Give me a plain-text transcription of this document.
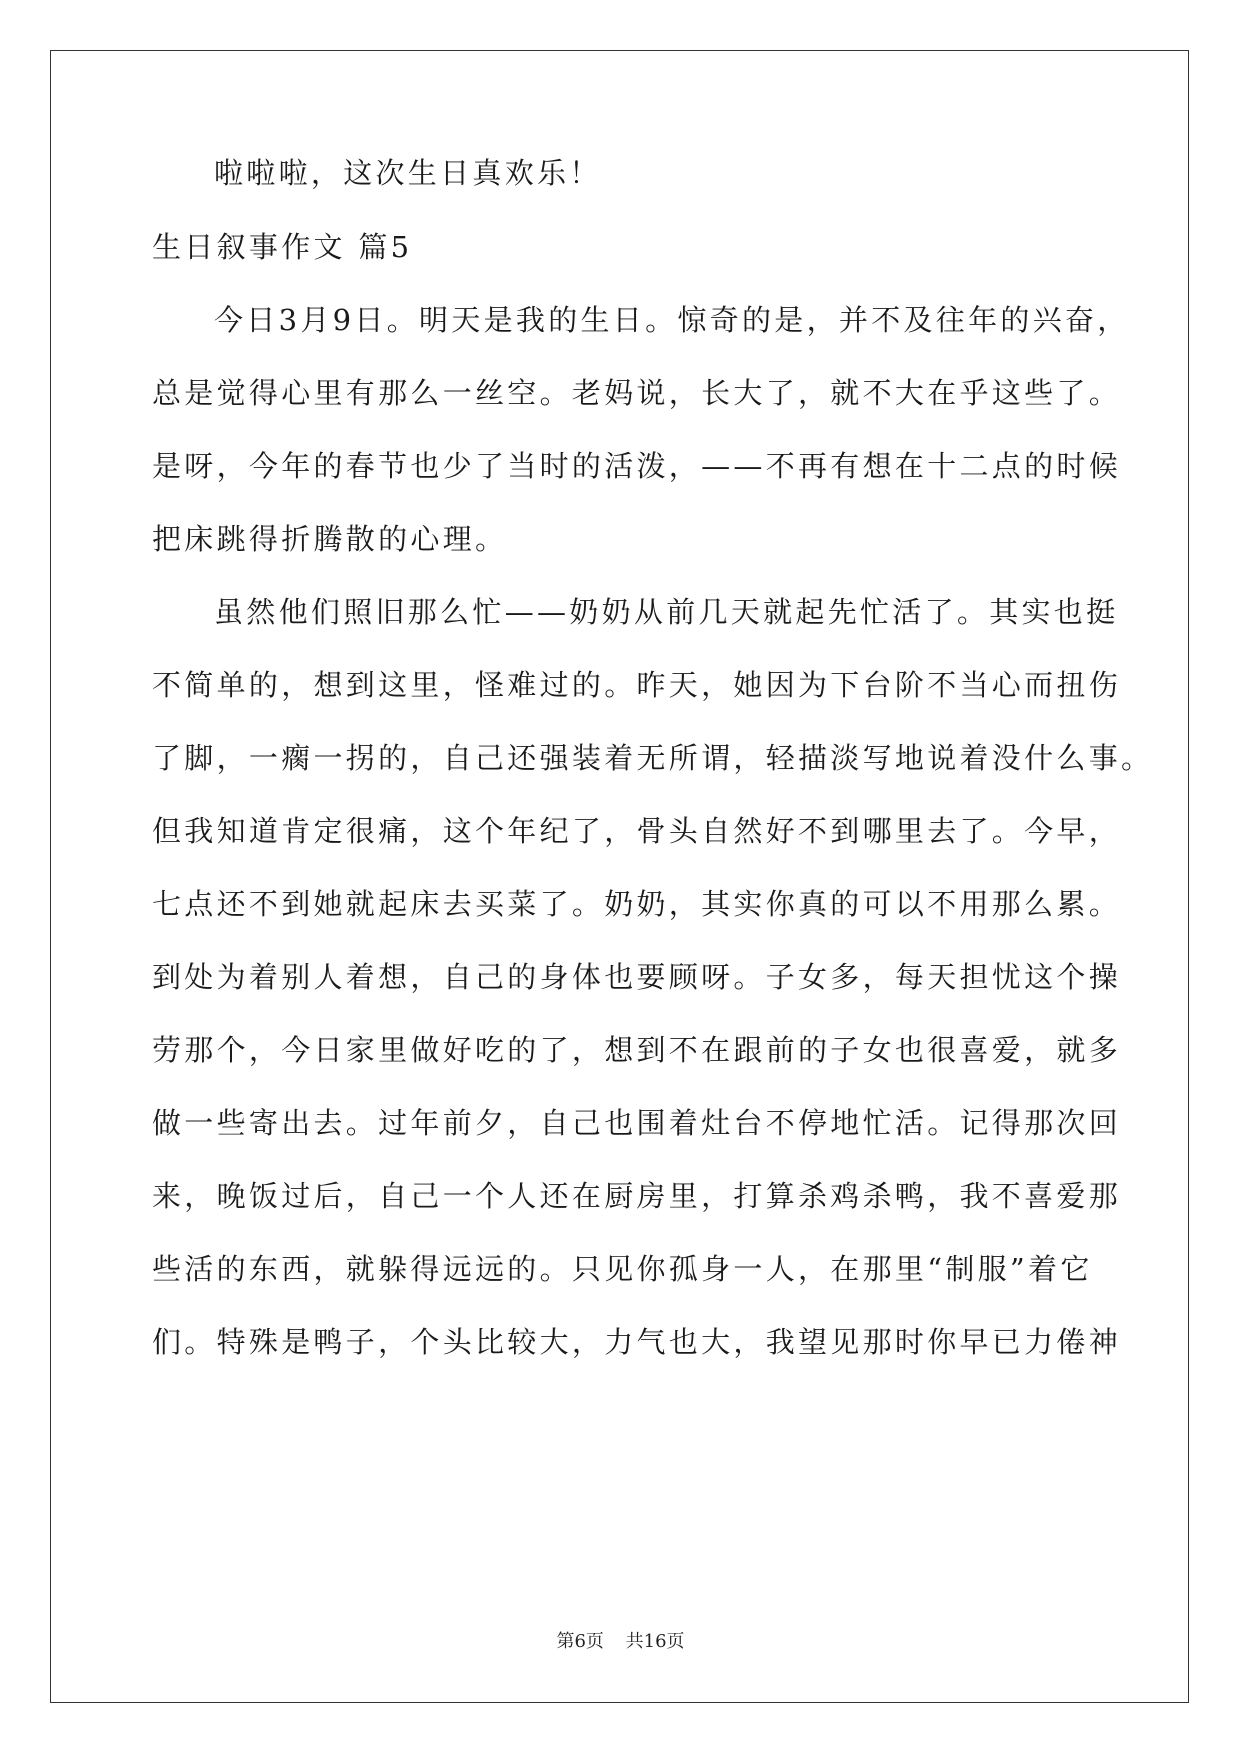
啦啦啦，这次生日真欢乐！
生日叙事作文 篇5
今日3月9日。明天是我的生日。惊奇的是，并不及往年的兴奋，
总是觉得心里有那么一丝空。老妈说，长大了，就不大在乎这些了。
是呀，今年的春节也少了当时的活泼，——不再有想在十二点的时候
把床跳得折腾散的心理。
虽然他们照旧那么忙——奶奶从前几天就起先忙活了。其实也挺
不简单的，想到这里，怪难过的。昨天，她因为下台阶不当心而扭伤
了脚，一瘸一拐的，自己还强装着无所谓，轻描淡写地说着没什么事。
但我知道肯定很痛，这个年纪了，骨头自然好不到哪里去了。今早，
七点还不到她就起床去买菜了。奶奶，其实你真的可以不用那么累。
到处为着别人着想，自己的身体也要顾呀。子女多，每天担忧这个操
劳那个，今日家里做好吃的了，想到不在跟前的子女也很喜爱，就多
做一些寄出去。过年前夕，自己也围着灶台不停地忙活。记得那次回
来，晚饭过后，自己一个人还在厨房里，打算杀鸡杀鸭，我不喜爱那
些活的东西，就躲得远远的。只见你孤身一人，在那里“制服”着它
们。特殊是鸭子，个头比较大，力气也大，我望见那时你早已力倦神
第6页 共16页
